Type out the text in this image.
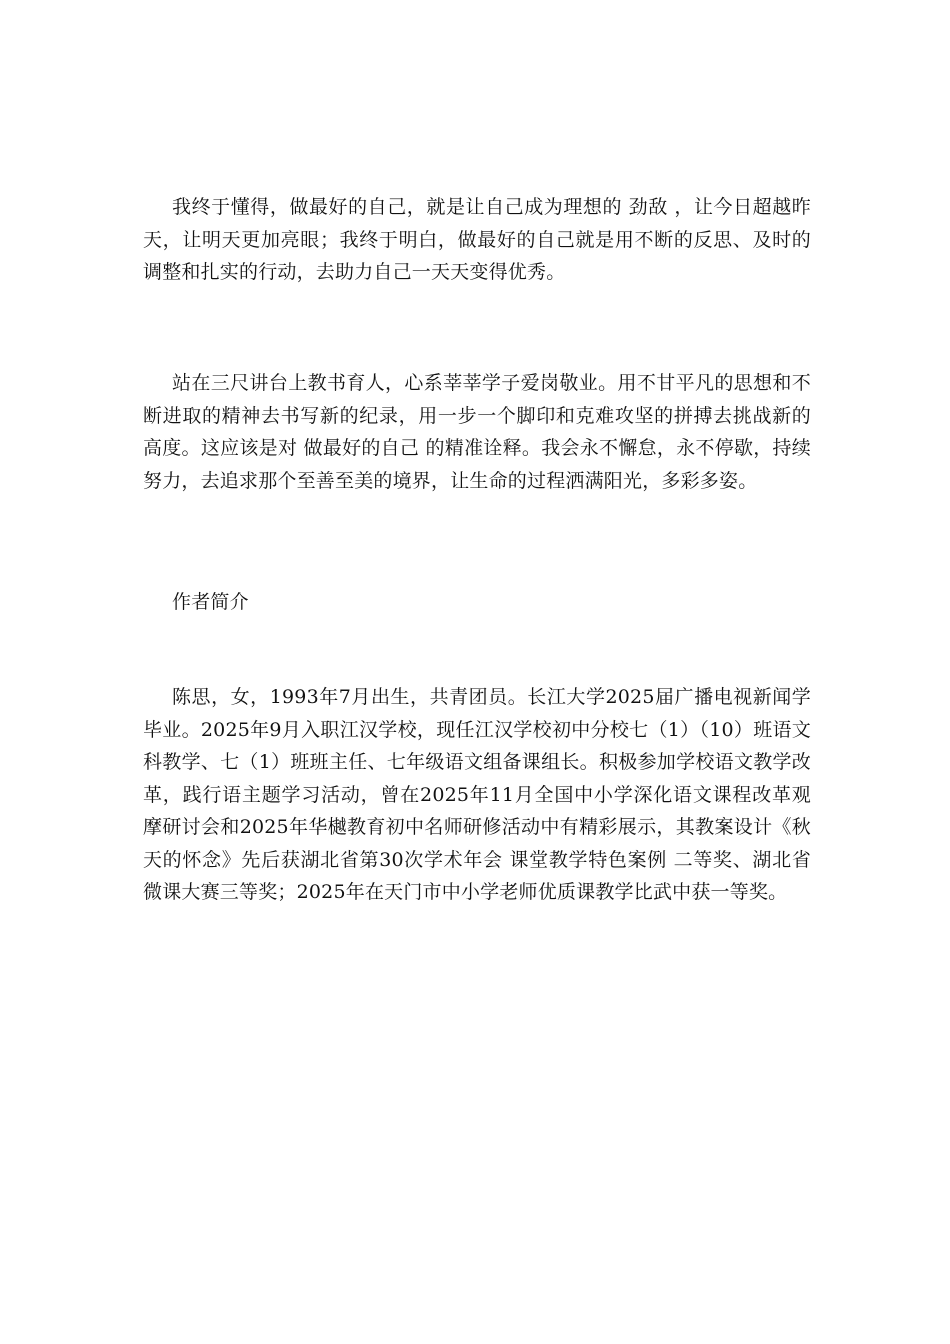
我终于懂得，做最好的自己，就是让自己成为理想的 劲敌 ，让今日超越昨天，让明天更加亮眼；我终于明白，做最好的自己就是用不断的反思、及时的调整和扎实的行动，去助力自己一天天变得优秀。

站在三尺讲台上教书育人，心系莘莘学子爱岗敬业。用不甘平凡的思想和不断进取的精神去书写新的纪录，用一步一个脚印和克难攻坚的拼搏去挑战新的高度。这应该是对 做最好的自己 的精准诠释。我会永不懈怠，永不停歇，持续努力，去追求那个至善至美的境界，让生命的过程洒满阳光，多彩多姿。

作者简介

陈思，女，1993年7月出生，共青团员。长江大学2025届广播电视新闻学毕业。2025年9月入职江汉学校，现任江汉学校初中分校七（1）（10）班语文科教学、七（1）班班主任、七年级语文组备课组长。积极参加学校语文教学改革，践行语主题学习活动，曾在2025年11月全国中小学深化语文课程改革观摩研讨会和2025年华樾教育初中名师研修活动中有精彩展示，其教案设计《秋天的怀念》先后获湖北省第30次学术年会 课堂教学特色案例 二等奖、湖北省微课大赛三等奖；2025年在天门市中小学老师优质课教学比武中获一等奖。
